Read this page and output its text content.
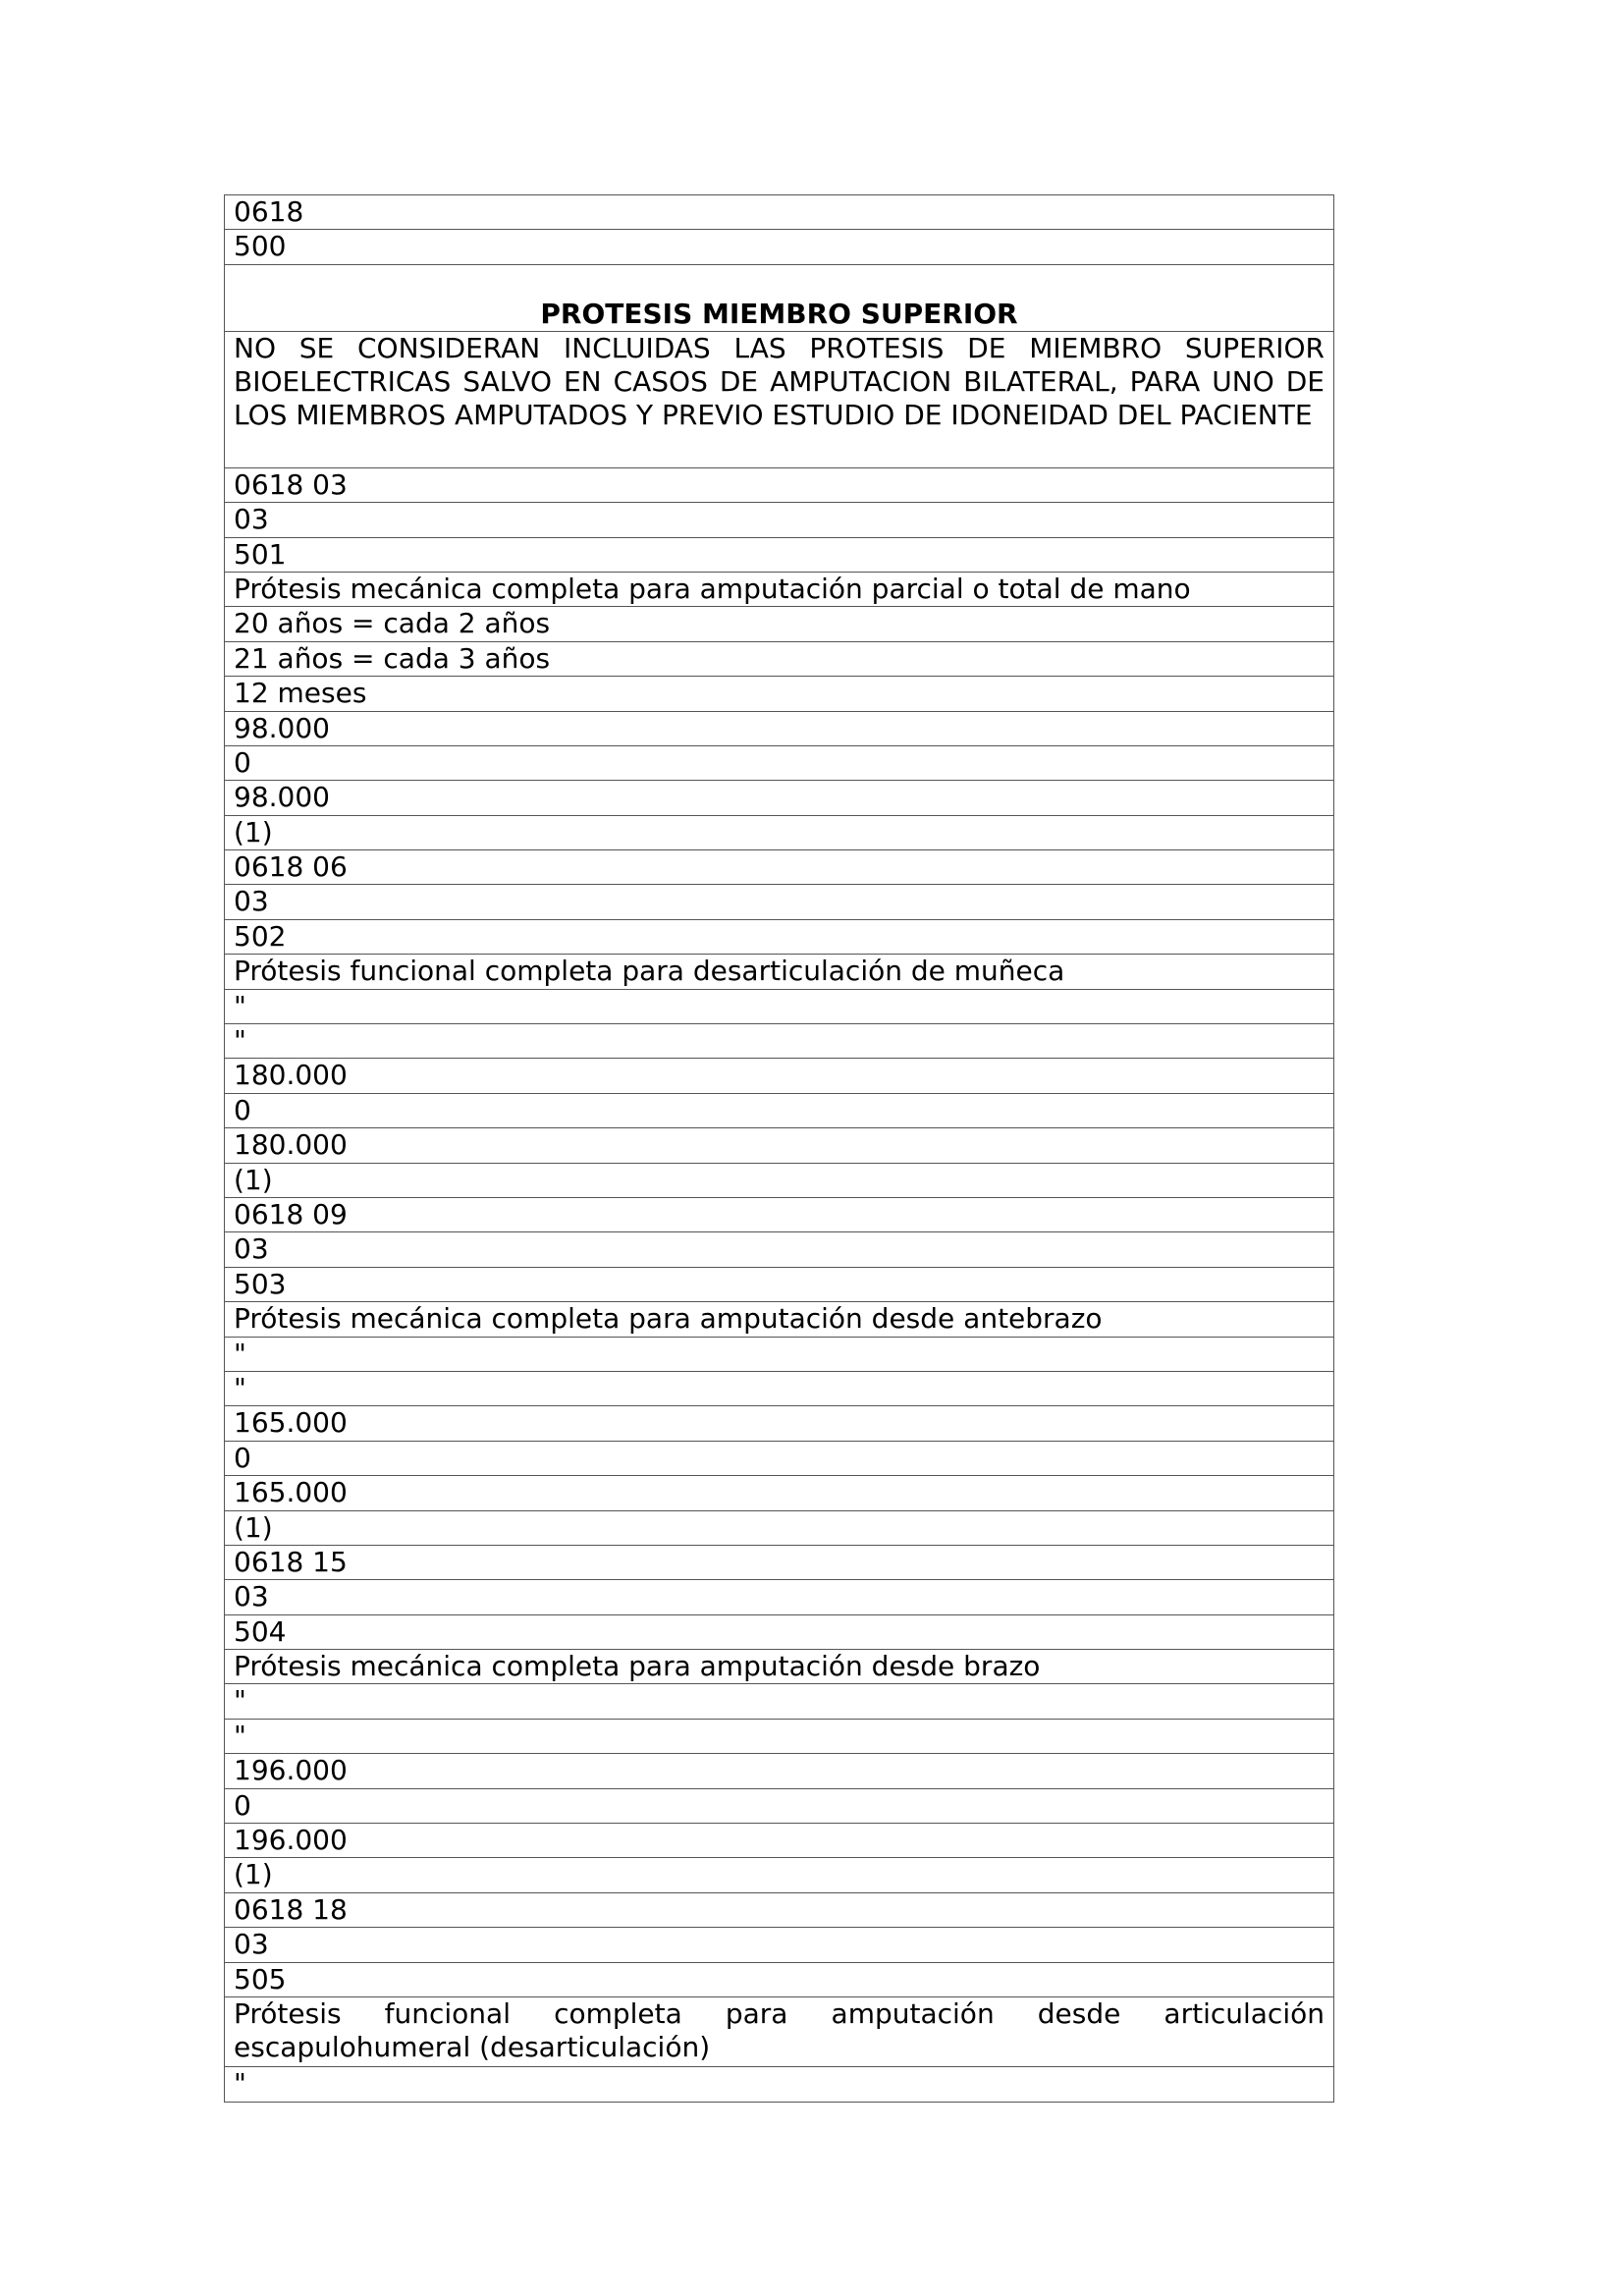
0618
500
PROTESIS MIEMBRO SUPERIOR
NO SE CONSIDERAN INCLUIDAS LAS PROTESIS DE MIEMBRO SUPERIOR BIOELECTRICAS SALVO EN CASOS DE AMPUTACION BILATERAL, PARA UNO DE LOS MIEMBROS AMPUTADOS Y PREVIO ESTUDIO DE IDONEIDAD DEL PACIENTE
0618 03
03
501
Prótesis mecánica completa para amputación parcial o total de mano
20 años = cada 2 años
21 años = cada 3 años
12 meses
98.000
0
98.000
(1)
0618 06
03
502
Prótesis funcional completa para desarticulación de muñeca
"
"
180.000
0
180.000
(1)
0618 09
03
503
Prótesis mecánica completa para amputación desde antebrazo
"
"
165.000
0
165.000
(1)
0618 15
03
504
Prótesis mecánica completa para amputación desde brazo
"
"
196.000
0
196.000
(1)
0618 18
03
505
Prótesis funcional completa para amputación desde articulación escapulohumeral (desarticulación)
"
